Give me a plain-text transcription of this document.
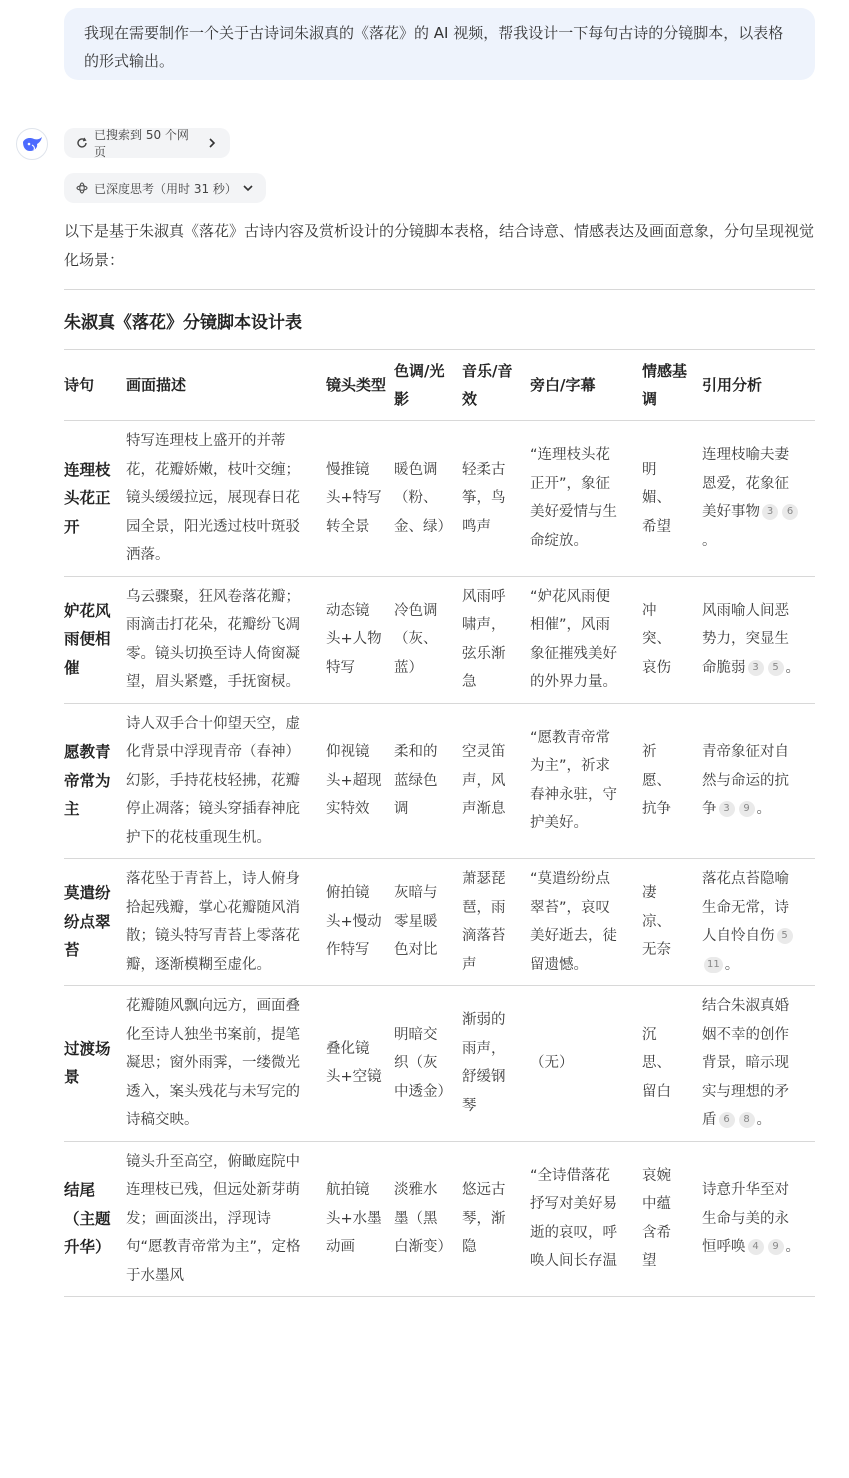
我现在需要制作一个关于古诗词朱淑真的《落花》的 AI 视频，帮我设计一下每句古诗的分镜脚本，以表格的形式输出。
已搜索到 50 个网页
已深度思考（用时 31 秒）
以下是基于朱淑真《落花》古诗内容及赏析设计的分镜脚本表格，结合诗意、情感表达及画面意象，分句呈现视觉化场景：
朱淑真《落花》分镜脚本设计表
诗句	画面描述	镜头类型	色调/光影	音乐/音效	旁白/字幕	情感基调	引用分析
连理枝头花正开	特写连理枝上盛开的并蒂花，花瓣娇嫩，枝叶交缠；镜头缓缓拉远，展现春日花园全景，阳光透过枝叶斑驳洒落。	慢推镜头+特写转全景	暖色调（粉、金、绿）	轻柔古筝，鸟鸣声	“连理枝头花正开”，象征美好爱情与生命绽放。	明媚、希望	连理枝喻夫妻恩爱，花象征美好事物 3 6。
妒花风雨便相催	乌云骤聚，狂风卷落花瓣；雨滴击打花朵，花瓣纷飞凋零。镜头切换至诗人倚窗凝望，眉头紧蹙，手抚窗棂。	动态镜头+人物特写	冷色调（灰、蓝）	风雨呼啸声，弦乐渐急	“妒花风雨便相催”，风雨象征摧残美好的外界力量。	冲突、哀伤	风雨喻人间恶势力，突显生命脆弱 3 5 。
愿教青帝常为主	诗人双手合十仰望天空，虚化背景中浮现青帝（春神）幻影，手持花枝轻拂，花瓣停止凋落；镜头穿插春神庇护下的花枝重现生机。	仰视镜头+超现实特效	柔和的蓝绿色调	空灵笛声，风声渐息	“愿教青帝常为主”，祈求春神永驻，守护美好。	祈愿、抗争	青帝象征对自然与命运的抗争 3 9 。
莫遣纷纷点翠苔	落花坠于青苔上，诗人俯身拾起残瓣，掌心花瓣随风消散；镜头特写青苔上零落花瓣，逐渐模糊至虚化。	俯拍镜头+慢动作特写	灰暗与零星暖色对比	萧瑟琵琶，雨滴落苔声	“莫遣纷纷点翠苔”，哀叹美好逝去，徒留遗憾。	凄凉、无奈	落花点苔隐喻生命无常，诗人自怜自伤 511 。
过渡场景	花瓣随风飘向远方，画面叠化至诗人独坐书案前，提笔凝思；窗外雨霁，一缕微光透入，案头残花与未写完的诗稿交映。	叠化镜头+空镜	明暗交织（灰中透金）	渐弱的雨声，舒缓钢琴	（无）	沉思、留白	结合朱淑真婚姻不幸的创作背景，暗示现实与理想的矛盾 6 8 。
结尾（主题升华）	镜头升至高空，俯瞰庭院中连理枝已残，但远处新芽萌发；画面淡出，浮现诗句“愿教青帝常为主”，定格于水墨风	航拍镜头+水墨动画	淡雅水墨（黑白渐变）	悠远古琴，渐隐	“全诗借落花抒写对美好易逝的哀叹，呼唤人间长存温	哀婉中蕴含希望	诗意升华至对生命与美的永恒呼唤 4 9 。
